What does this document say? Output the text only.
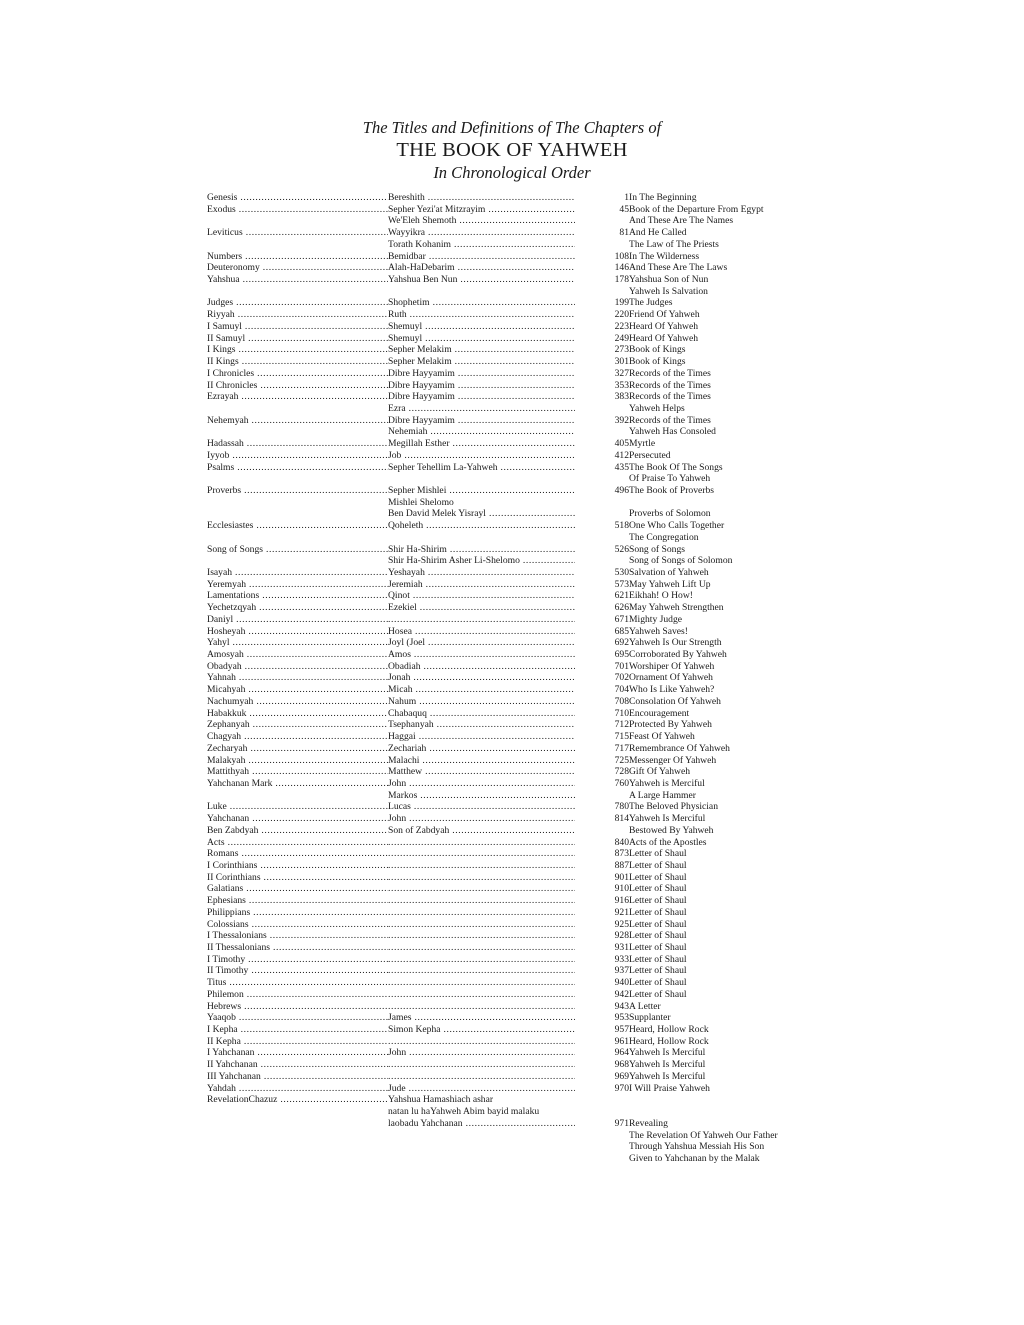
The Titles and Definitions of The Chapters of
THE BOOK OF YAHWEH
In Chronological Order
Genesis .....	Bereshith .....	1 In The Beginning
Exodus .....	Sepher Yezi'at Mitzrayim .....	45 Book of the Departure From Egypt
We'Eleh Shemoth .....	And These Are The Names
Leviticus .....	Wayyikra .....	81 And He Called
Torath Kohanim .....	The Law of The Priests
Numbers .....	Bemidbar .....	108 In The Wilderness
Deuteronomy .....	Alah-HaDebarim .....	146 And These Are The Laws
Yahshua .....	Yahshua Ben Nun .....	178 Yahshua Son of Nun
Yahweh Is Salvation
Judges .....	Shophetim .....	199 The Judges
Riyyah .....	Ruth .....	220 Friend Of Yahweh
I Samuyl .....	Shemuyl .....	223 Heard Of Yahweh
II Samuyl .....	Shemuyl .....	249 Heard Of Yahweh
I Kings .....	Sepher Melakim .....	273 Book of Kings
II Kings .....	Sepher Melakim .....	301 Book of Kings
I Chronicles .....	Dibre Hayyamim .....	327 Records of the Times
II Chronicles .....	Dibre Hayyamim .....	353 Records of the Times
Ezrayah .....	Dibre Hayyamim .....	383 Records of the Times
Ezra .....	Yahweh Helps
Nehemyah .....	Dibre Hayyamim .....	392 Records of the Times
Nehemiah .....	Yahweh Has Consoled
Hadassah .....	Megillah Esther .....	405 Myrtle
Iyyob .....	Job .....	412 Persecuted
Psalms .....	Sepher Tehellim La-Yahweh .....	435 The Book Of The Songs
Of Praise To Yahweh
Proverbs .....	Sepher Mishlei .....	496 The Book of Proverbs
Mishlei Shelomo
Ben David Melek Yisrayl .....	Proverbs of Solomon
Ecclesiastes .....	Qoheleth .....	518 One Who Calls Together
The Congregation
Song of Songs .....	Shir Ha-Shirim .....	526 Song of Songs
Shir Ha-Shirim Asher Li-Shelomo .....	Song of Songs of Solomon
Isayah .....	Yeshayah .....	530 Salvation of Yahweh
Yeremyah .....	Jeremiah .....	573 May Yahweh Lift Up
Lamentations .....	Qinot .....	621 Eikhah! O How!
Yechetzqyah .....	Ezekiel .....	626 May Yahweh Strengthen
Daniyl ..... .....	671 Mighty Judge
Hosheyah .....	Hosea .....	685 Yahweh Saves!
Yahyl .....	Joyl (Joel .....	692 Yahweh Is Our Strength
Amosyah .....	Amos .....	695 Corroborated By Yahweh
Obadyah .....	Obadiah .....	701 Worshiper Of Yahweh
Yahnah .....	Jonah .....	702 Ornament Of Yahweh
Micahyah .....	Micah .....	704 Who Is Like Yahweh?
Nachumyah .....	Nahum .....	708 Consolation Of Yahweh
Habakkuk .....	Chabaquq .....	710 Encouragement
Zephanyah .....	Tsephanyah .....	712 Protected By Yahweh
Chagyah .....	Haggai .....	715 Feast Of Yahweh
Zecharyah .....	Zechariah .....	717 Remembrance Of Yahweh
Malakyah .....	Malachi .....	725 Messenger Of Yahweh
Mattithyah .....	Matthew .....	728 Gift Of Yahweh
Yahchanan Mark .....	John .....	760 Yahweh is Merciful
Markos .....	A Large Hammer
Luke .....	Lucas .....	780 The Beloved Physician
Yahchanan .....	John .....	814 Yahweh Is Merciful
Ben Zabdyah .....	Son of Zabdyah .....	Bestowed By Yahweh
Acts ..... .....	840 Acts of the Apostles
Romans ..... .....	873 Letter of Shaul
I Corinthians ..... .....	887 Letter of Shaul
II Corinthians ..... .....	901 Letter of Shaul
Galatians ..... .....	910 Letter of Shaul
Ephesians ..... .....	916 Letter of Shaul
Philippians ..... .....	921 Letter of Shaul
Colossians ..... .....	925 Letter of Shaul
I Thessalonians ..... .....	928 Letter of Shaul
II Thessalonians ..... .....	931 Letter of Shaul
I Timothy ..... .....	933 Letter of Shaul
II Timothy ..... .....	937 Letter of Shaul
Titus ..... .....	940 Letter of Shaul
Philemon ..... .....	942 Letter of Shaul
Hebrews ..... .....	943 A Letter
Yaaqob .....	James .....	953 Supplanter
I Kepha .....	Simon Kepha .....	957 Heard, Hollow Rock
II Kepha ..... .....	961 Heard, Hollow Rock
I Yahchanan .....	John .....	964 Yahweh Is Merciful
II Yahchanan ..... .....	968 Yahweh Is Merciful
III Yahchanan ..... .....	969 Yahweh Is Merciful
Yahdah .....	Jude .....	970 I Will Praise Yahweh
RevelationChazuz .....	Yahshua Hamashiach ashar
natan lu haYahweh Abim bayid malaku
laobadu Yahchanan .....	971 Revealing
The Revelation Of Yahweh Our Father
Through Yahshua Messiah His Son
Given to Yahchanan by the Malak
